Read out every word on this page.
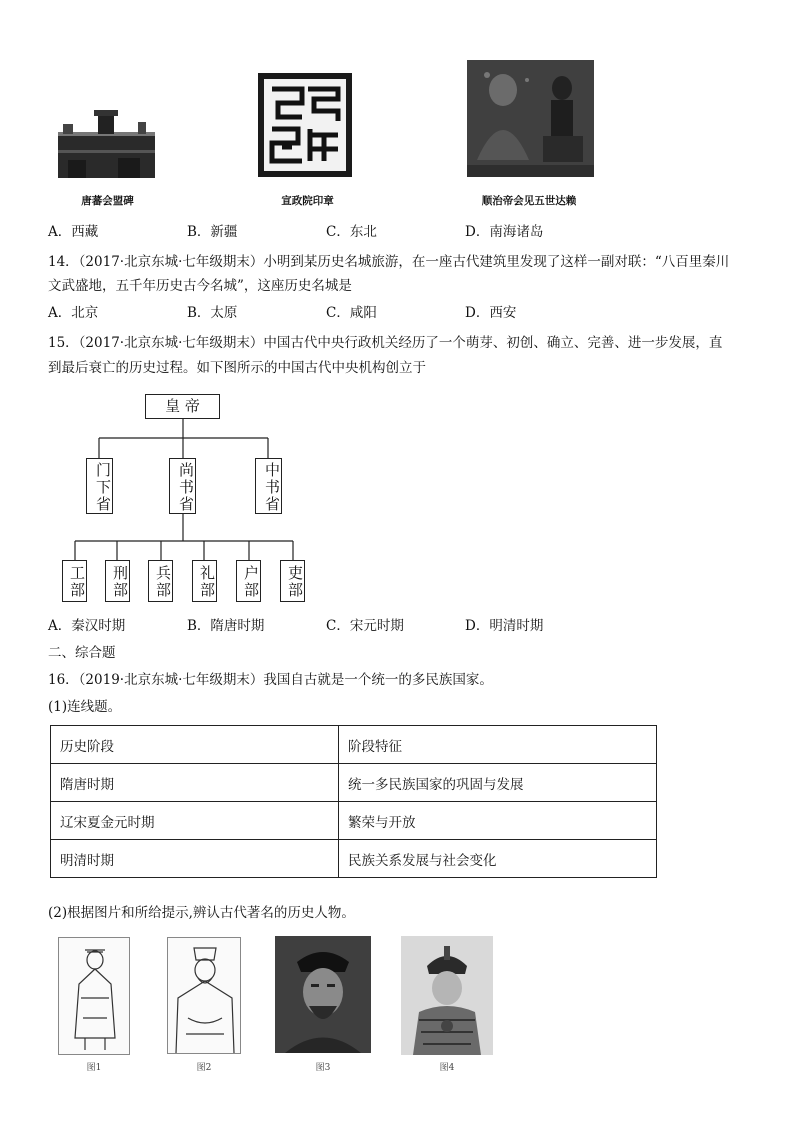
唐蕃会盟碑	宣政院印章	顺治帝会见五世达赖
A．西藏	B．新疆	C．东北	D．南海诸岛
14．（2017·北京东城·七年级期末）小明到某历史名城旅游，在一座古代建筑里发现了这样一副对联：“八百里秦川
文武盛地，五千年历史古今名城”，这座历史名城是
A．北京	B．太原	C．咸阳	D．西安
15．（2017·北京东城·七年级期末）中国古代中央行政机关经历了一个萌芽、初创、确立、完善、进一步发展，直
到最后衰亡的历史过程。如下图所示的中国古代中央机构创立于
皇 帝
门下省	尚书省	中书省
工部	刑部	兵部	礼部	户部	吏部
A．秦汉时期	B．隋唐时期	C．宋元时期	D．明清时期
二、综合题
16．（2019·北京东城·七年级期末）我国自古就是一个统一的多民族国家。
(1)连线题。
历史阶段	阶段特征
隋唐时期	统一多民族国家的巩固与发展
辽宋夏金元时期	繁荣与开放
明清时期	民族关系发展与社会变化
(2)根据图片和所给提示,辨认古代著名的历史人物。
图1	图2	图3	图4
